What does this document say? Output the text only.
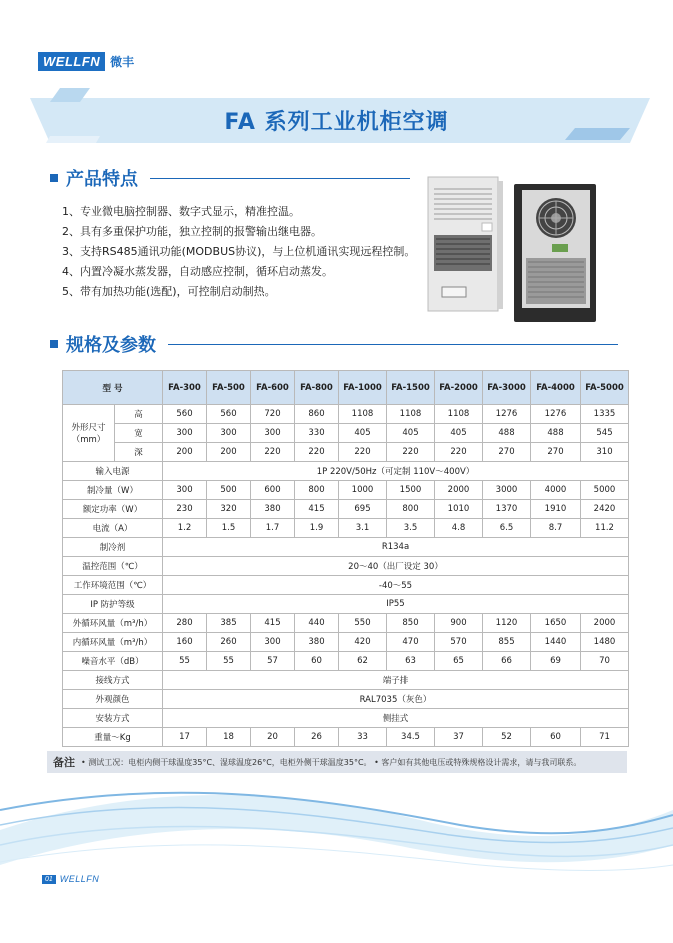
WELLFN 微丰
FA 系列工业机柜空调
产品特点
1、专业微电脑控制器、数字式显示，精准控温。
2、具有多重保护功能，独立控制的报警输出继电器。
3、支持RS485通讯功能(MODBUS协议)，与上位机通讯实现远程控制。
4、内置冷凝水蒸发器，自动感应控制，循环启动蒸发。
5、带有加热功能(选配)，可控制启动制热。
规格及参数
型 号		FA-300	FA-500	FA-600	FA-800	FA-1000	FA-1500	FA-2000	FA-3000	FA-4000	FA-5000
外形尺寸
（mm）	高	560	560	720	860	1108	1108	1108	1276	1276	1335
	宽	300	300	300	330	405	405	405	488	488	545
	深	200	200	220	220	220	220	220	270	270	310
输入电源		1P 220V/50Hz（可定制 110V～400V）									
制冷量（W）		300	500	600	800	1000	1500	2000	3000	4000	5000
额定功率（W）		230	320	380	415	695	800	1010	1370	1910	2420
电流（A）		1.2	1.5	1.7	1.9	3.1	3.5	4.8	6.5	8.7	11.2
制冷剂		R134a									
温控范围（℃）		20～40（出厂设定 30）									
工作环境范围（℃）		-40～55									
IP 防护等级		IP55									
外循环风量（m³/h）		280	385	415	440	550	850	900	1120	1650	2000
内循环风量（m³/h）		160	260	300	380	420	470	570	855	1440	1480
噪音水平（dB）		55	55	57	60	62	63	65	66	69	70
接线方式		端子排									
外观颜色		RAL7035（灰色）									
安装方式		侧挂式									
重量～Kg		17	18	20	26	33	34.5	37	52	60	71
备注 • 测试工况：电柜内侧干球温度35°C、湿球温度26°C，电柜外侧干球温度35°C。 • 客户如有其他电压或特殊规格设计需求，请与我司联系。
01 WELLFN
